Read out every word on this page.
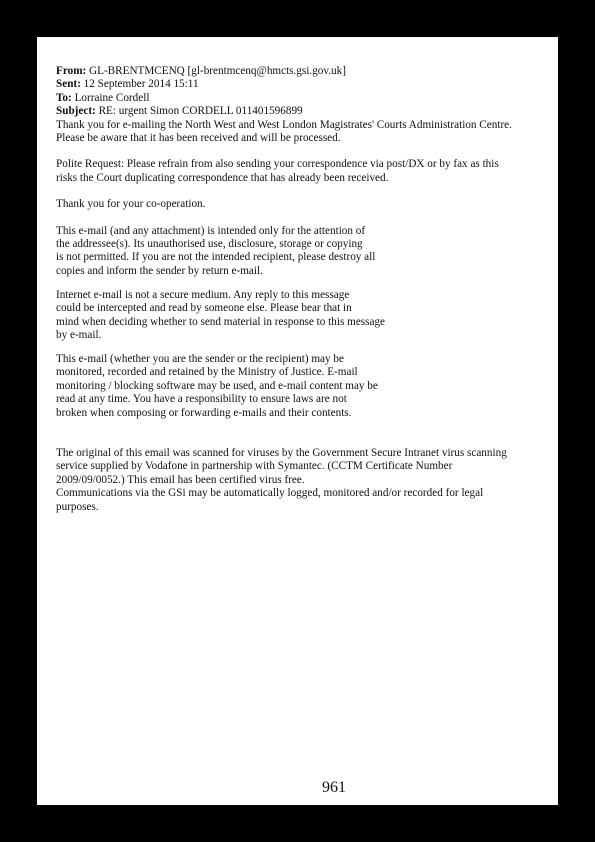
From: GL-BRENTMCENQ [gl-brentmcenq@hmcts.gsi.gov.uk]
Sent: 12 September 2014 15:11
To: Lorraine Cordell
Subject: RE: urgent Simon CORDELL 011401596899
Thank you for e-mailing the North West and West London Magistrates' Courts Administration Centre.
Please be aware that it has been received and will be processed.
Polite Request: Please refrain from also sending your correspondence via post/DX or by fax as this
risks the Court duplicating correspondence that has already been received.
Thank you for your co-operation.
This e-mail (and any attachment) is intended only for the attention of
the addressee(s). Its unauthorised use, disclosure, storage or copying
is not permitted. If you are not the intended recipient, please destroy all
copies and inform the sender by return e-mail.
Internet e-mail is not a secure medium. Any reply to this message
could be intercepted and read by someone else. Please bear that in
mind when deciding whether to send material in response to this message
by e-mail.
This e-mail (whether you are the sender or the recipient) may be
monitored, recorded and retained by the Ministry of Justice. E-mail
monitoring / blocking software may be used, and e-mail content may be
read at any time. You have a responsibility to ensure laws are not
broken when composing or forwarding e-mails and their contents.
The original of this email was scanned for viruses by the Government Secure Intranet virus scanning
service supplied by Vodafone in partnership with Symantec. (CCTM Certificate Number
2009/09/0052.) This email has been certified virus free.
Communications via the GSi may be automatically logged, monitored and/or recorded for legal
purposes.
961
